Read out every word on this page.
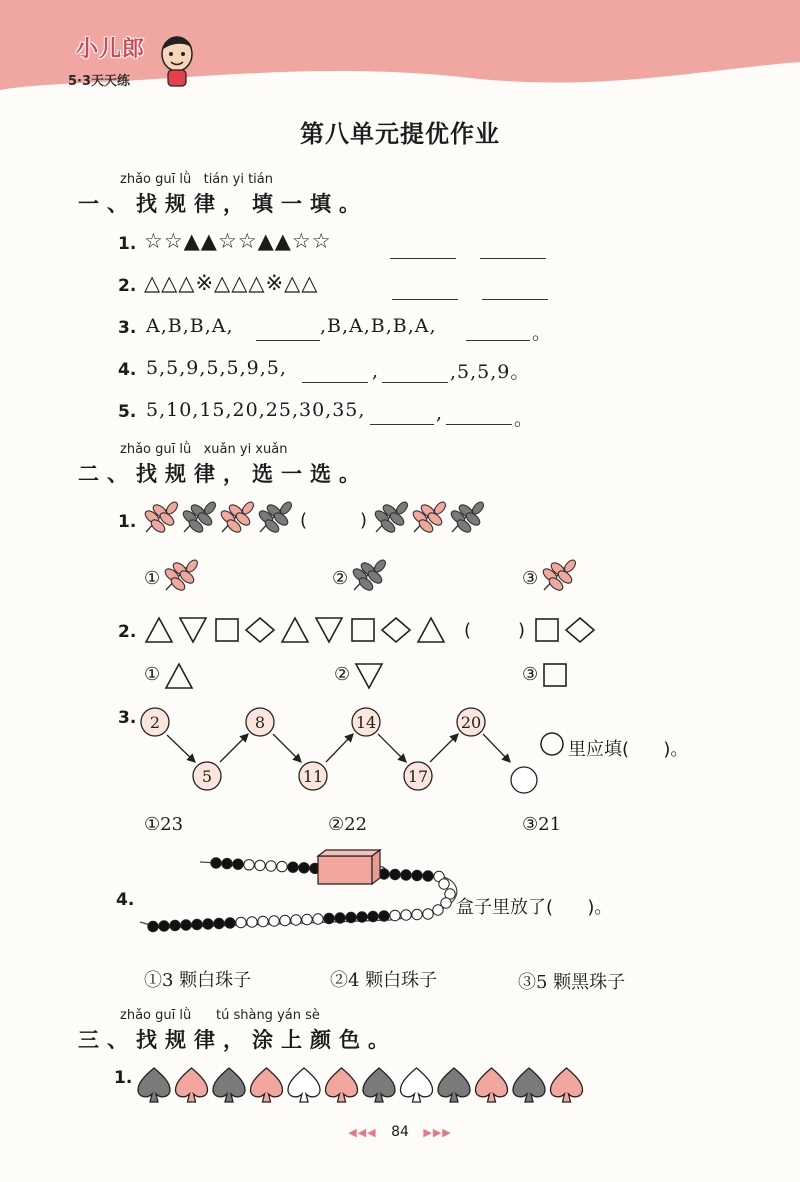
小儿郎
5·3天天练
第八单元提优作业
zhǎo guī lǜ   tián yi tián
一、找规律，填一填。
1. ☆☆▲▲☆☆▲▲☆☆
2. △△△※△△△※△△
3. A,B,B,A,	,B,A,B,B,A,	。
4. 5,5,9,5,5,9,5,	,	,5,5,9。
5. 5,10,15,20,25,30,35,	,	。
zhǎo guī lǜ   xuǎn yi xuǎn
二、找规律，选一选。
1.	(	)
①	②	③
2.	(	)
①	②	③
3. 2	8	14	20
5	11	17
里应填(      )。
①23	②22	③21
4.	盒子里放了(      )。
①3 颗白珠子	②4 颗白珠子	③5 颗黑珠子
zhǎo guī lǜ      tú shàng yán sè
三、找规律，涂上颜色。
1.
◀◀◀ 84 ▶▶▶
